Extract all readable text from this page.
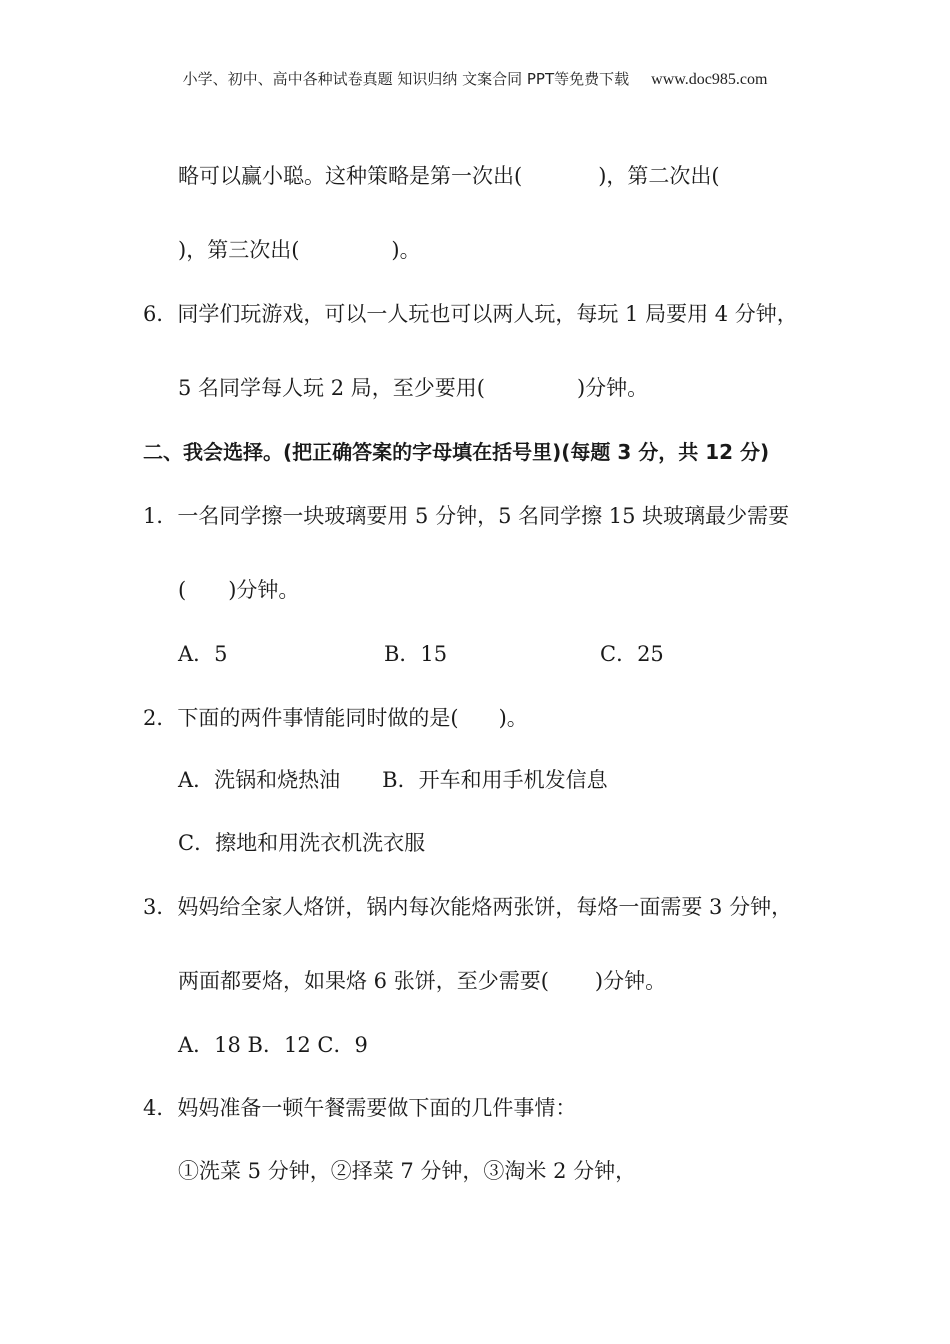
小学、初中、高中各种试卷真题 知识归纳 文案合同 PPT等免费下载 www.doc985.com
略可以赢小聪。这种策略是第一次出(	)，第二次出(
)，第三次出(	)。
6．同学们玩游戏，可以一人玩也可以两人玩，每玩 1 局要用 4 分钟，
5 名同学每人玩 2 局，至少要用(	)分钟。
二、我会选择。(把正确答案的字母填在括号里)(每题 3 分，共 12 分)
1．一名同学擦一块玻璃要用 5 分钟，5 名同学擦 15 块玻璃最少需要
( )分钟。
A．5	B．15	C．25
2．下面的两件事情能同时做的是( )。
A．洗锅和烧热油　　B．开车和用手机发信息
C．擦地和用洗衣机洗衣服
3．妈妈给全家人烙饼，锅内每次能烙两张饼，每烙一面需要 3 分钟，
两面都要烙，如果烙 6 张饼，至少需要( )分钟。
A．18 B．12 C．9
4．妈妈准备一顿午餐需要做下面的几件事情：
①洗菜 5 分钟，②择菜 7 分钟，③淘米 2 分钟，
